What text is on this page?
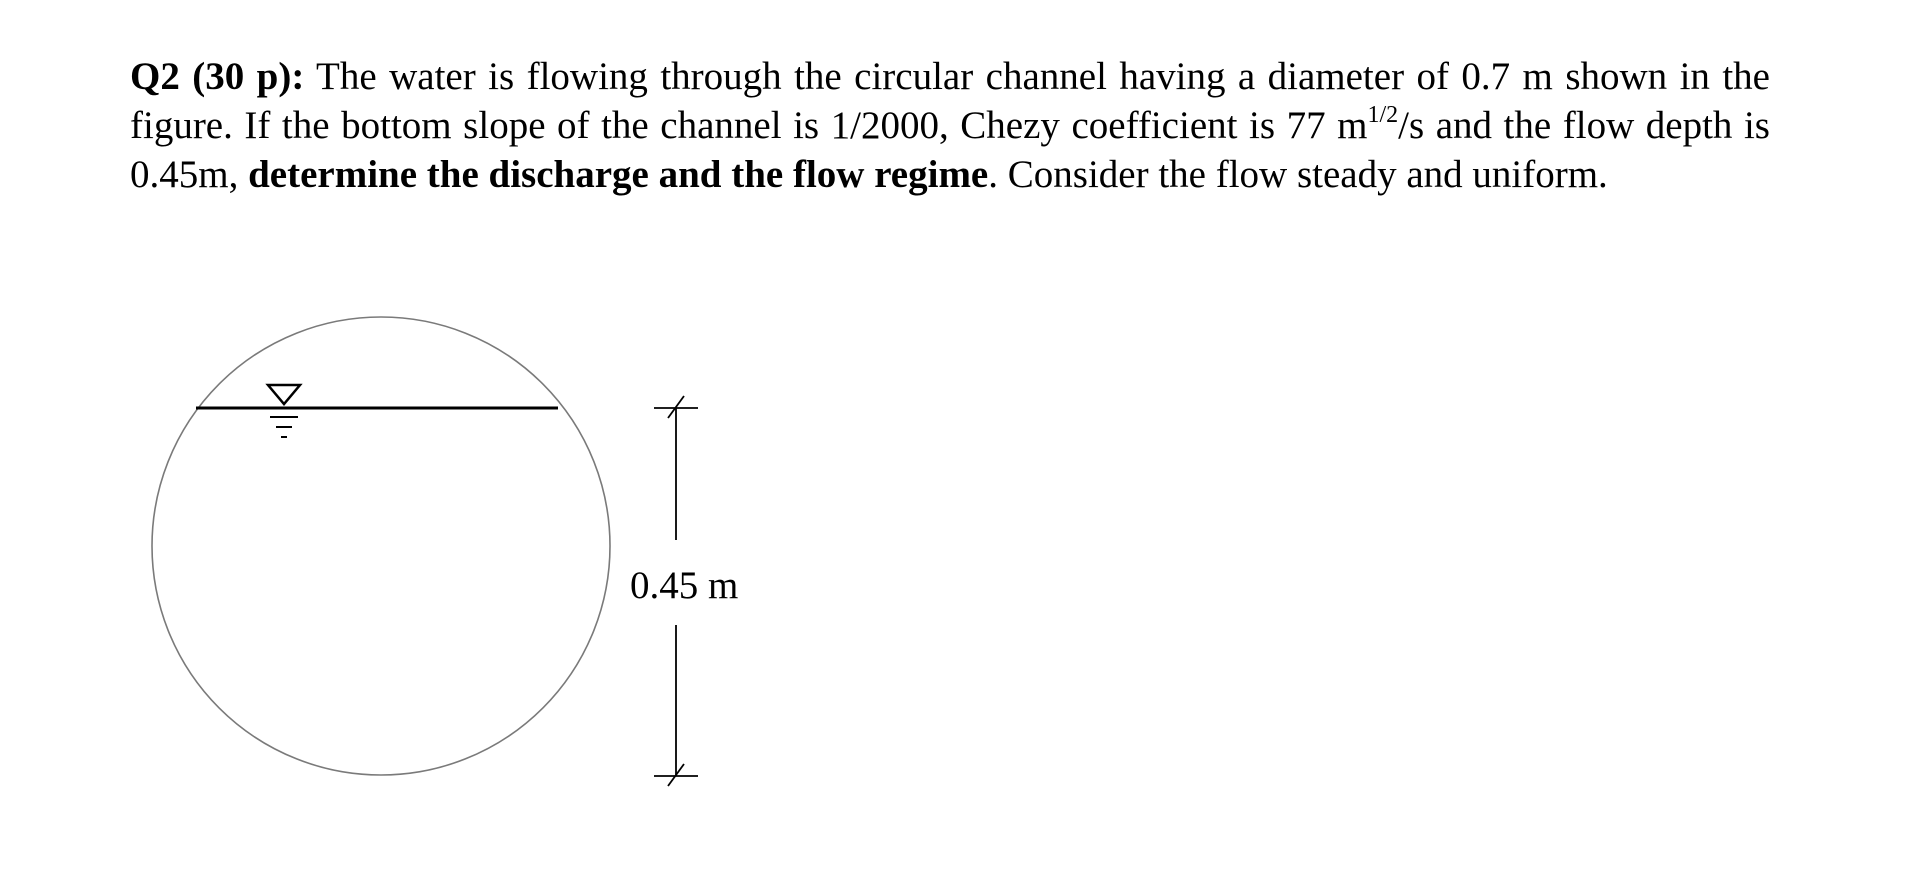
Q2 (30 p): The water is flowing through the circular channel having a diameter of 0.7 m shown in the figure. If the bottom slope of the channel is 1/2000, Chezy coefficient is 77 $m^{1/2}/s$ and the flow depth is 0.45m, determine the discharge and the flow regime. Consider the flow steady and uniform.

0.45 m
